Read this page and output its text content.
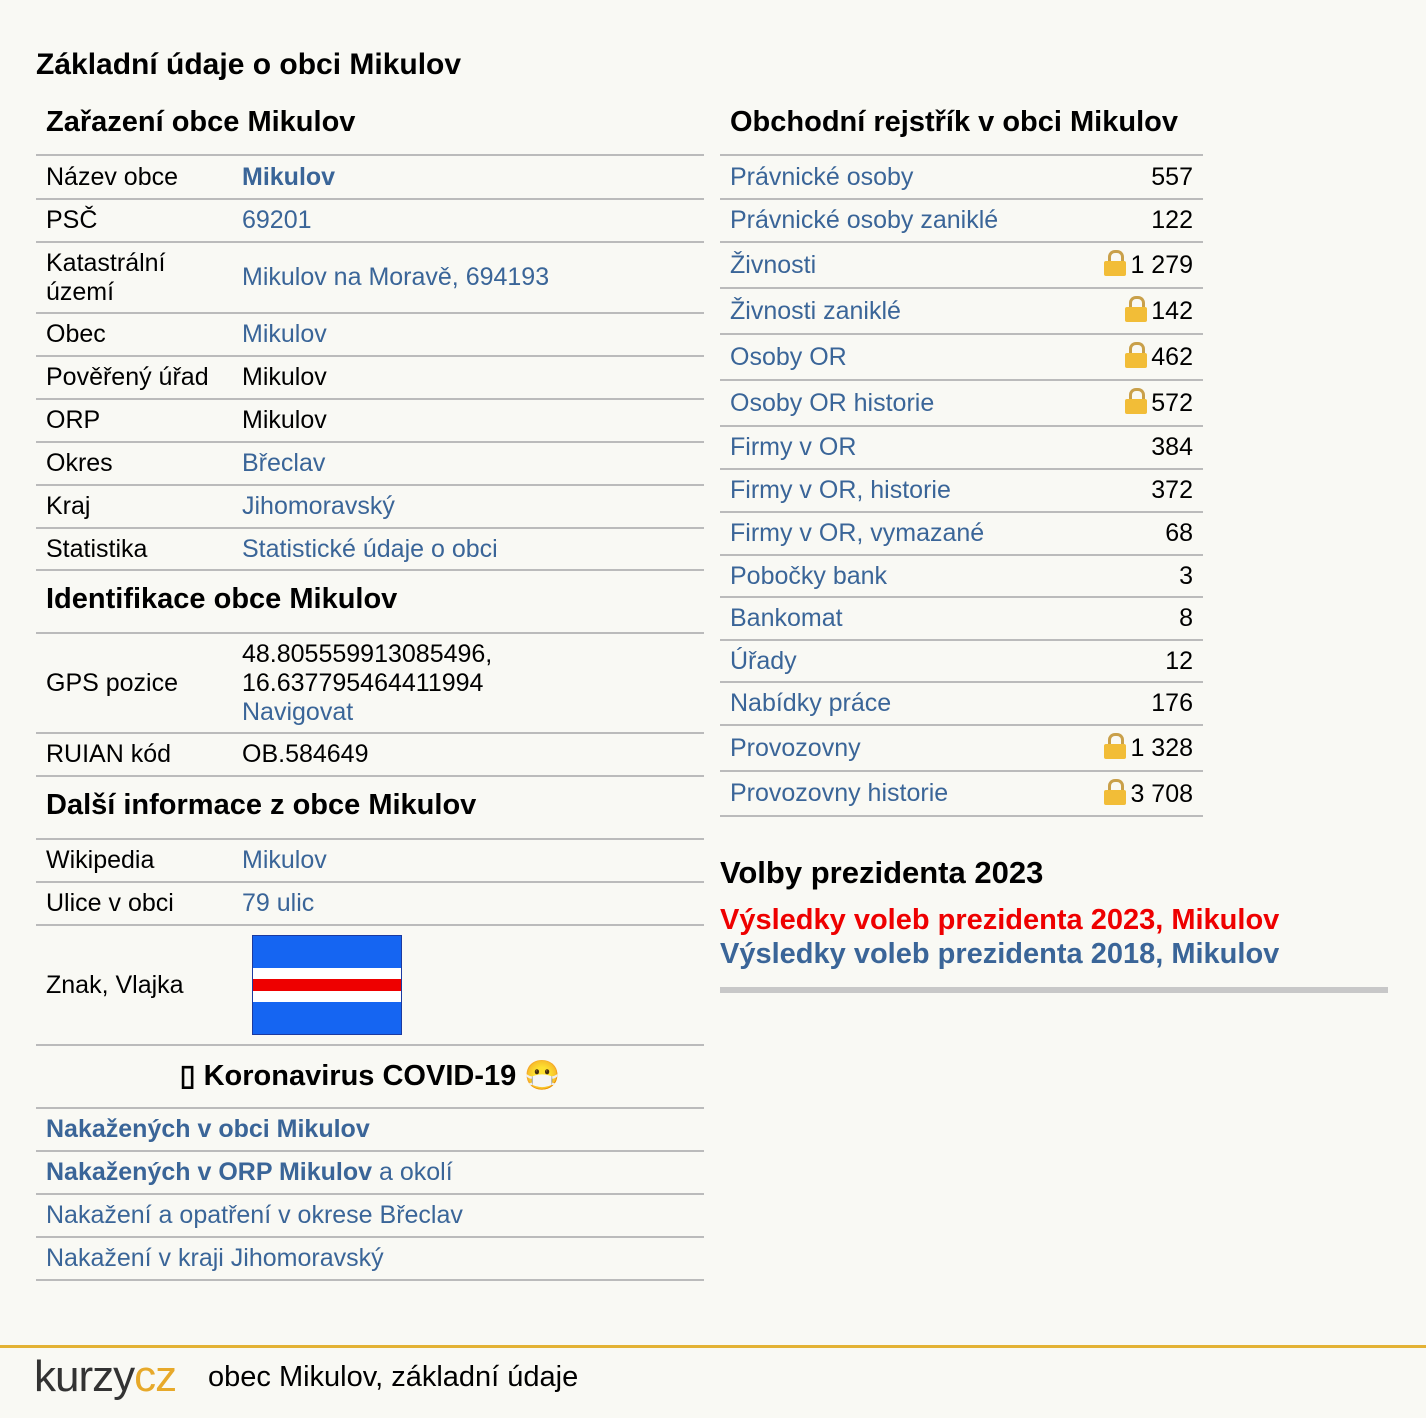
Základní údaje o obci Mikulov
Zařazení obce Mikulov
Název obce	Mikulov
PSČ	69201
Katastrální území	Mikulov na Moravě, 694193
Obec	Mikulov
Pověřený úřad	Mikulov
ORP	Mikulov
Okres	Břeclav
Kraj	Jihomoravský
Statistika	Statistické údaje o obci
Identifikace obce Mikulov
GPS pozice	48.805559913085496,
16.637795464411994
Navigovat
RUIAN kód	OB.584649
Další informace z obce Mikulov
Wikipedia	Mikulov
Ulice v obci	79 ulic
Znak, Vlajka	
▯ Koronavirus COVID-19 😷
Nakažených v obci Mikulov
Nakažených v ORP Mikulov a okolí
Nakažení a opatření v okrese Břeclav
Nakažení v kraji Jihomoravský
Obchodní rejstřík v obci Mikulov
Právnické osoby	557
Právnické osoby zaniklé	122
Živnosti	1 279
Živnosti zaniklé	142
Osoby OR	462
Osoby OR historie	572
Firmy v OR	384
Firmy v OR, historie	372
Firmy v OR, vymazané	68
Pobočky bank	3
Bankomat	8
Úřady	12
Nabídky práce	176
Provozovny	1 328
Provozovny historie	3 708
Volby prezidenta 2023
Výsledky voleb prezidenta 2023, Mikulov
Výsledky voleb prezidenta 2018, Mikulov
kurzycz obec Mikulov, základní údaje
